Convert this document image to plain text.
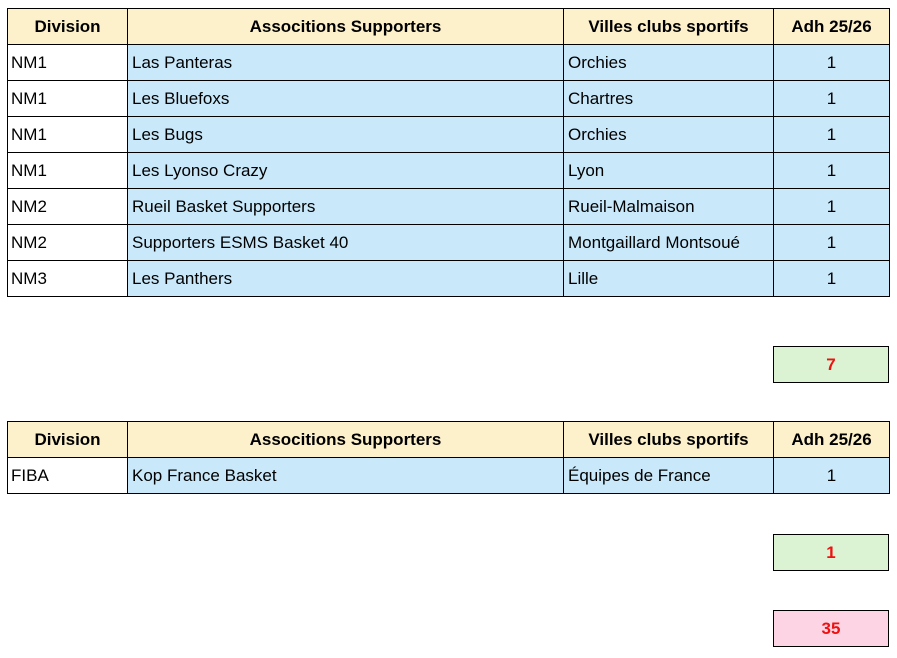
Division	Associtions Supporters	Villes clubs sportifs	Adh 25/26
NM1	Las Panteras	Orchies	1
NM1	Les Bluefoxs	Chartres	1
NM1	Les Bugs	Orchies	1
NM1	Les Lyonso Crazy	Lyon	1
NM2	Rueil Basket Supporters	Rueil-Malmaison	1
NM2	Supporters ESMS Basket 40	Montgaillard Montsoué	1
NM3	Les Panthers	Lille	1
7
Division	Associtions Supporters	Villes clubs sportifs	Adh 25/26
FIBA	Kop France Basket	Équipes de France	1
1
35
